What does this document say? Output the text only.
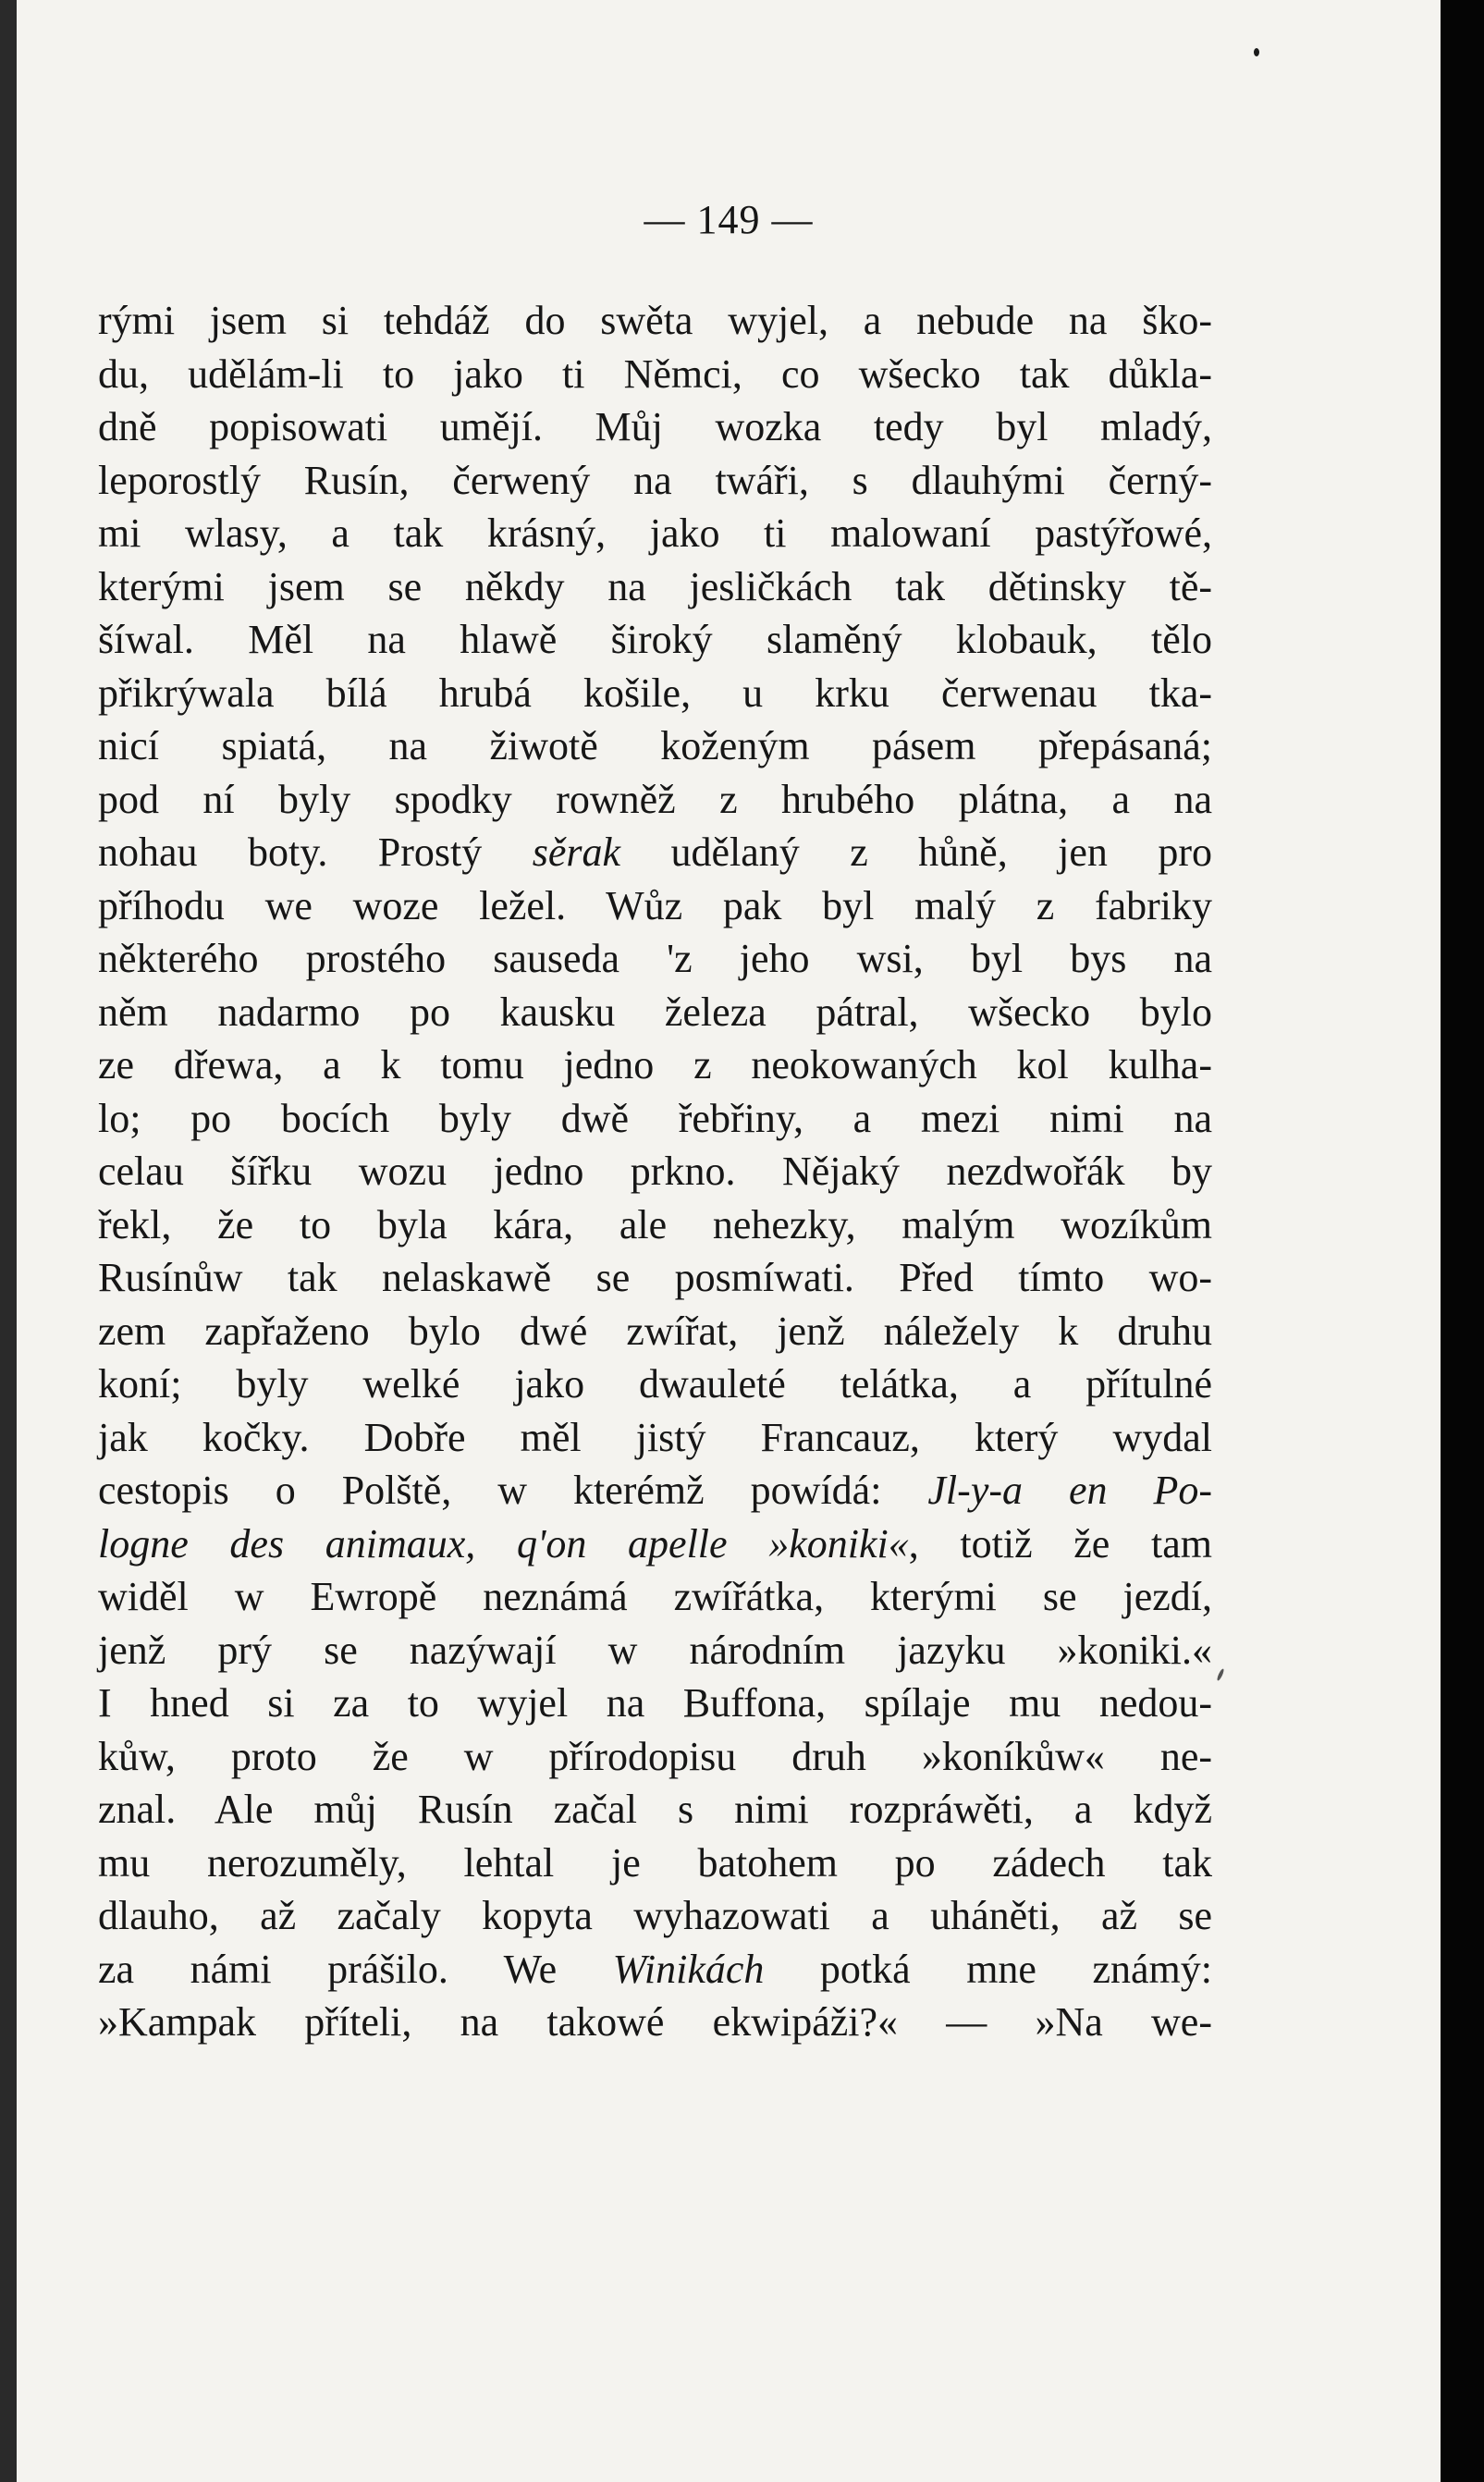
— 149 —
rými jsem si tehdáž do swěta wyjel, a nebude na ško-
du, udělám-li to jako ti Němci, co wšecko tak důkla-
dně popisowati umějí. Můj wozka tedy byl mladý,
leporostlý Rusín, čerwený na twáři, s dlauhými černý-
mi wlasy, a tak krásný, jako ti malowaní pastýřowé,
kterými jsem se někdy na jesličkách tak dětinsky tě-
šíwal. Měl na hlawě široký slaměný klobauk, tělo
přikrýwala bílá hrubá košile, u krku čerwenau tka-
nicí spiatá, na žiwotě koženým pásem přepásaná;
pod ní byly spodky rowněž z hrubého plátna, a na
nohau boty. Prostý sěrak udělaný z hůně, jen pro
příhodu we woze ležel. Wůz pak byl malý z fabriky
některého prostého sauseda 'z jeho wsi, byl bys na
něm nadarmo po kausku železa pátral, wšecko bylo
ze dřewa, a k tomu jedno z neokowaných kol kulha-
lo; po bocích byly dwě řebřiny, a mezi nimi na
celau šířku wozu jedno prkno. Nějaký nezdwořák by
řekl, že to byla kára, ale nehezky, malým wozíkům
Rusínůw tak nelaskawě se posmíwati. Před tímto wo-
zem zapřaženo bylo dwé zwířat, jenž náležely k druhu
koní; byly welké jako dwauleté telátka, a přítulné
jak kočky. Dobře měl jistý Francauz, který wydal
cestopis o Polště, w kterémž powídá: Jl-y-a en Po-
logne des animaux, q'on apelle »koniki«, totiž že tam
widěl w Ewropě neznámá zwířátka, kterými se jezdí,
jenž prý se nazýwají w národním jazyku »koniki.«
I hned si za to wyjel na Buffona, spílaje mu nedou-
kůw, proto že w přírodopisu druh »koníkůw« ne-
znal. Ale můj Rusín začal s nimi rozpráwěti, a když
mu nerozuměly, lehtal je batohem po zádech tak
dlauho, až začaly kopyta wyhazowati a uháněti, až se
za námi prášilo. We Winikách potká mne známý:
»Kampak příteli, na takowé ekwipáži?« — »Na we-
